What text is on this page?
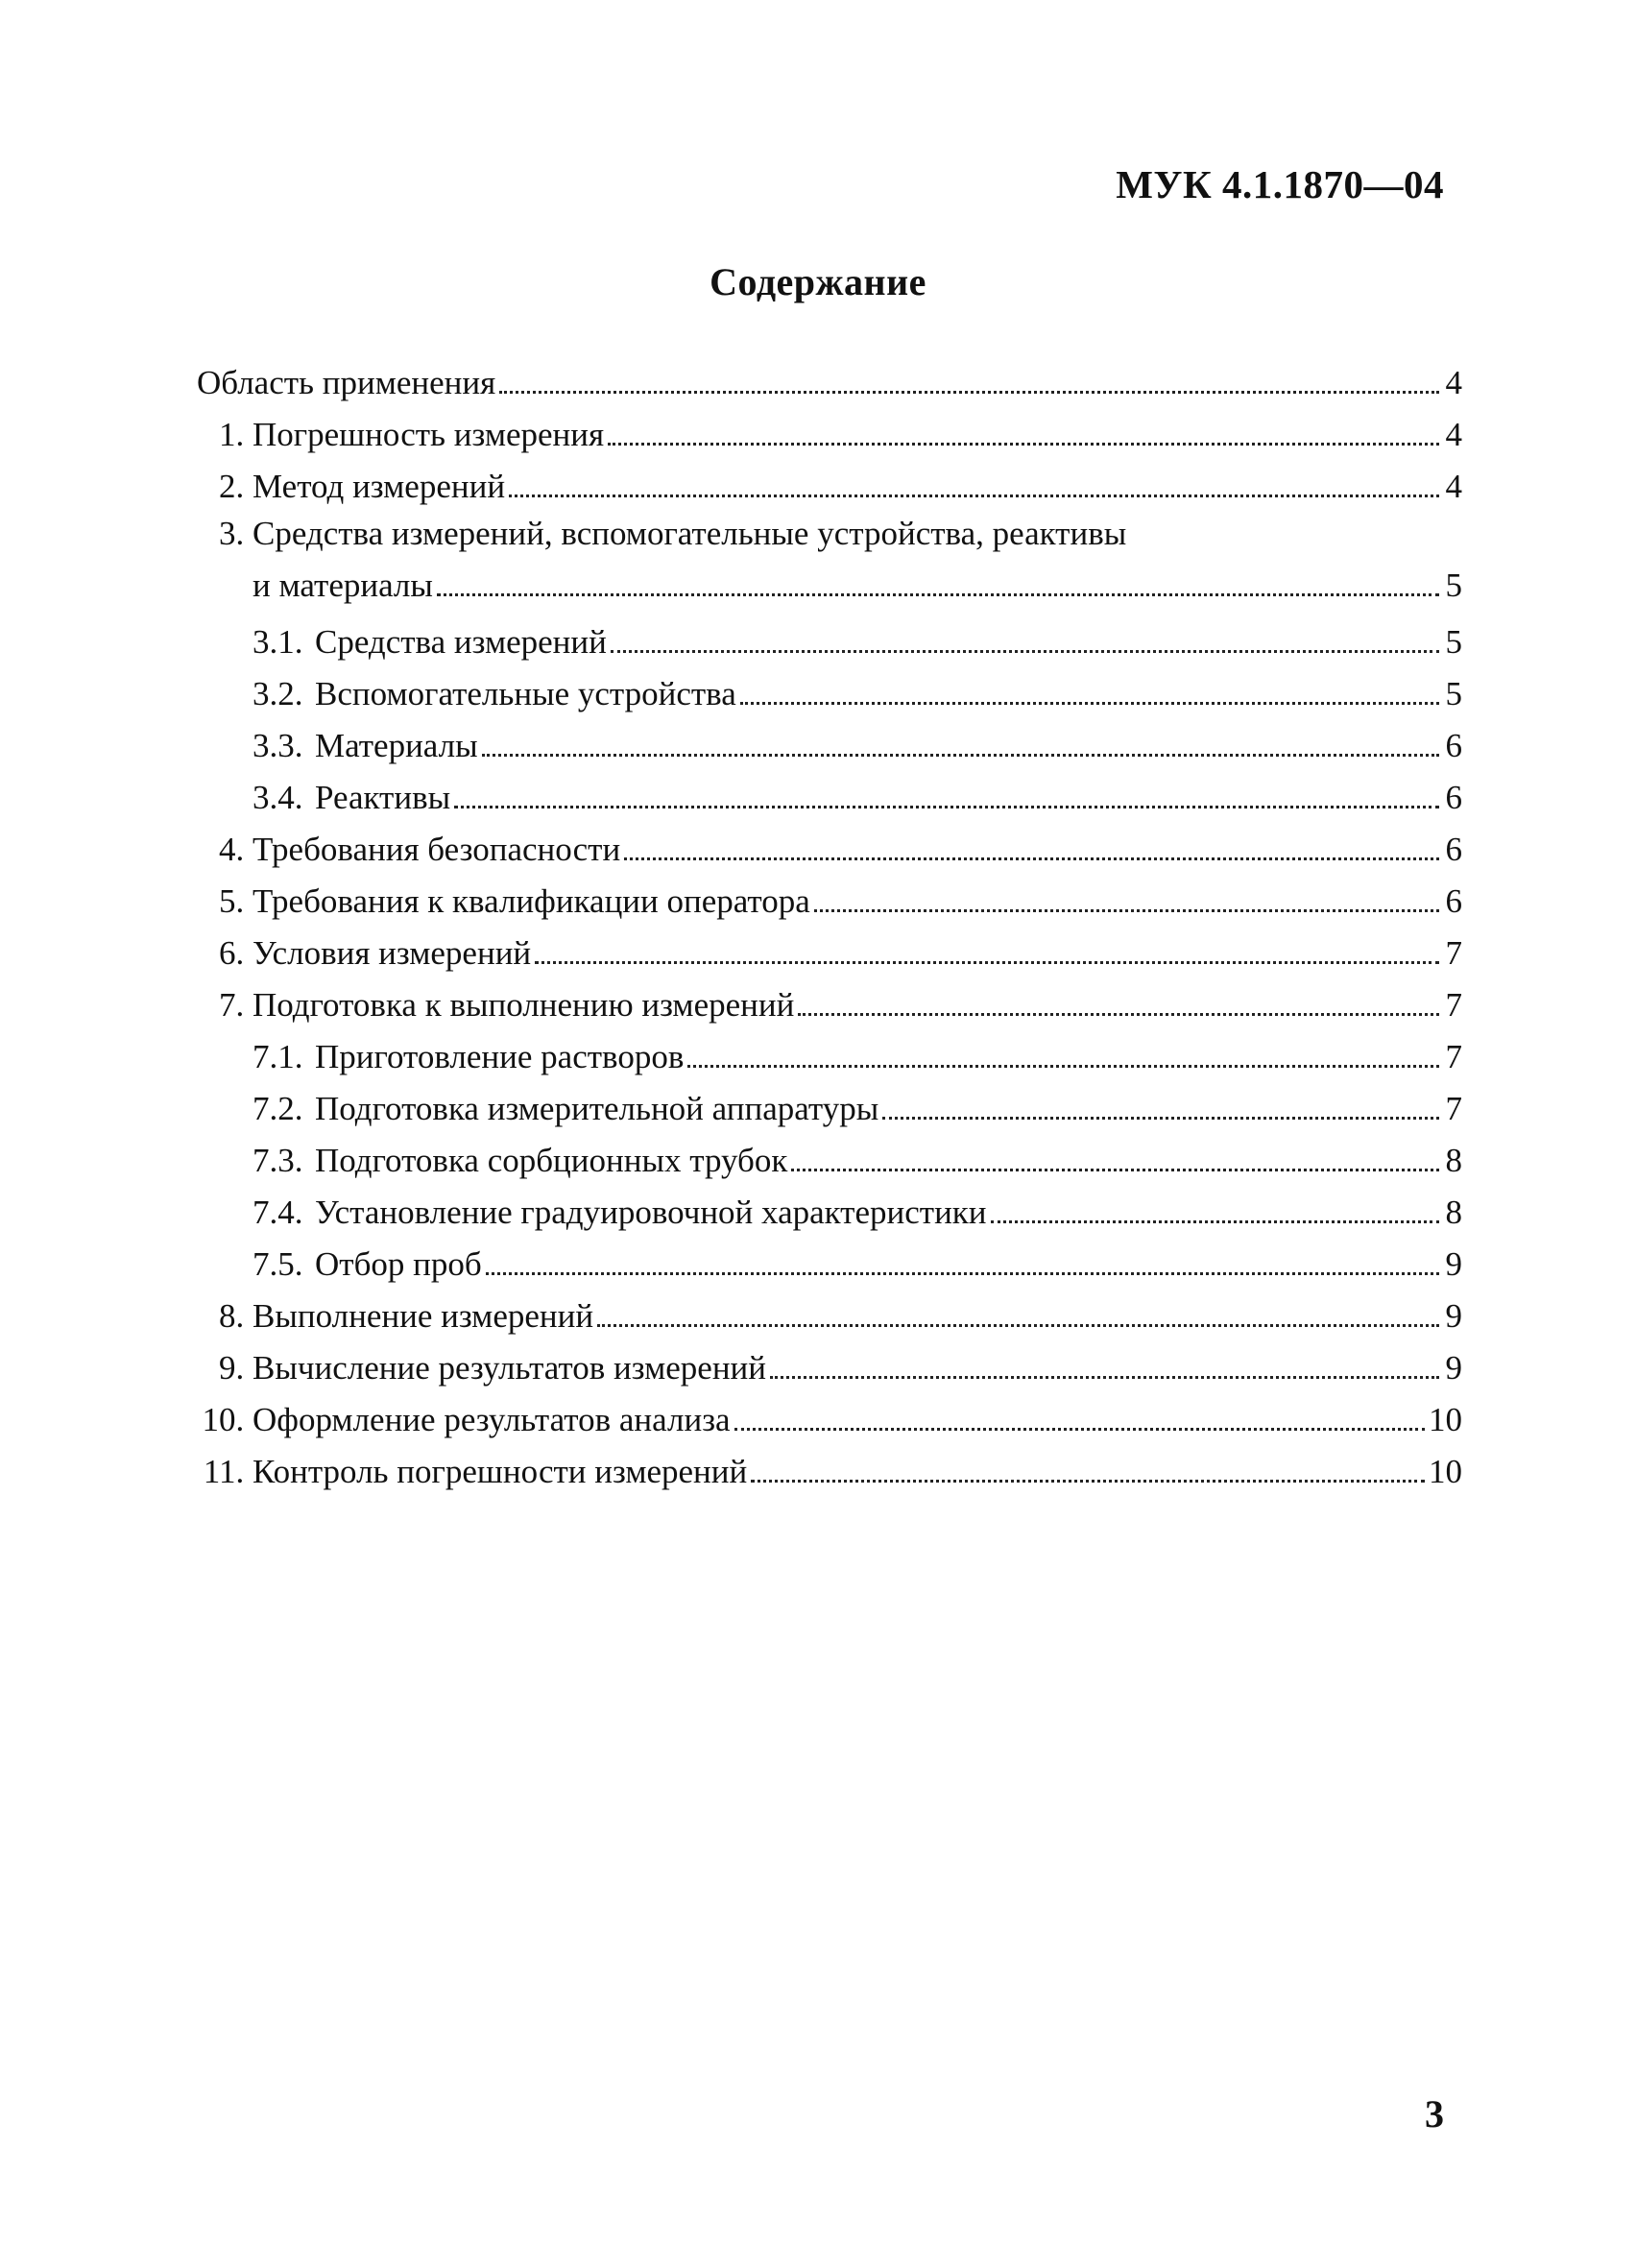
МУК 4.1.1870—04
Содержание
Область применения	4
1. Погрешность измерения	4
2. Метод измерений	4
3. Средства измерений, вспомогательные устройства, реактивы
и материалы	5
3.1. Средства измерений	5
3.2. Вспомогательные устройства	5
3.3. Материалы	6
3.4. Реактивы	6
4. Требования безопасности	6
5. Требования к квалификации оператора	6
6. Условия измерений	7
7. Подготовка к выполнению измерений	7
7.1. Приготовление растворов	7
7.2. Подготовка измерительной аппаратуры	7
7.3. Подготовка сорбционных трубок	8
7.4. Установление градуировочной характеристики	8
7.5. Отбор проб	9
8. Выполнение измерений	9
9. Вычисление результатов измерений	9
10. Оформление результатов анализа	10
11. Контроль погрешности измерений	10
3
